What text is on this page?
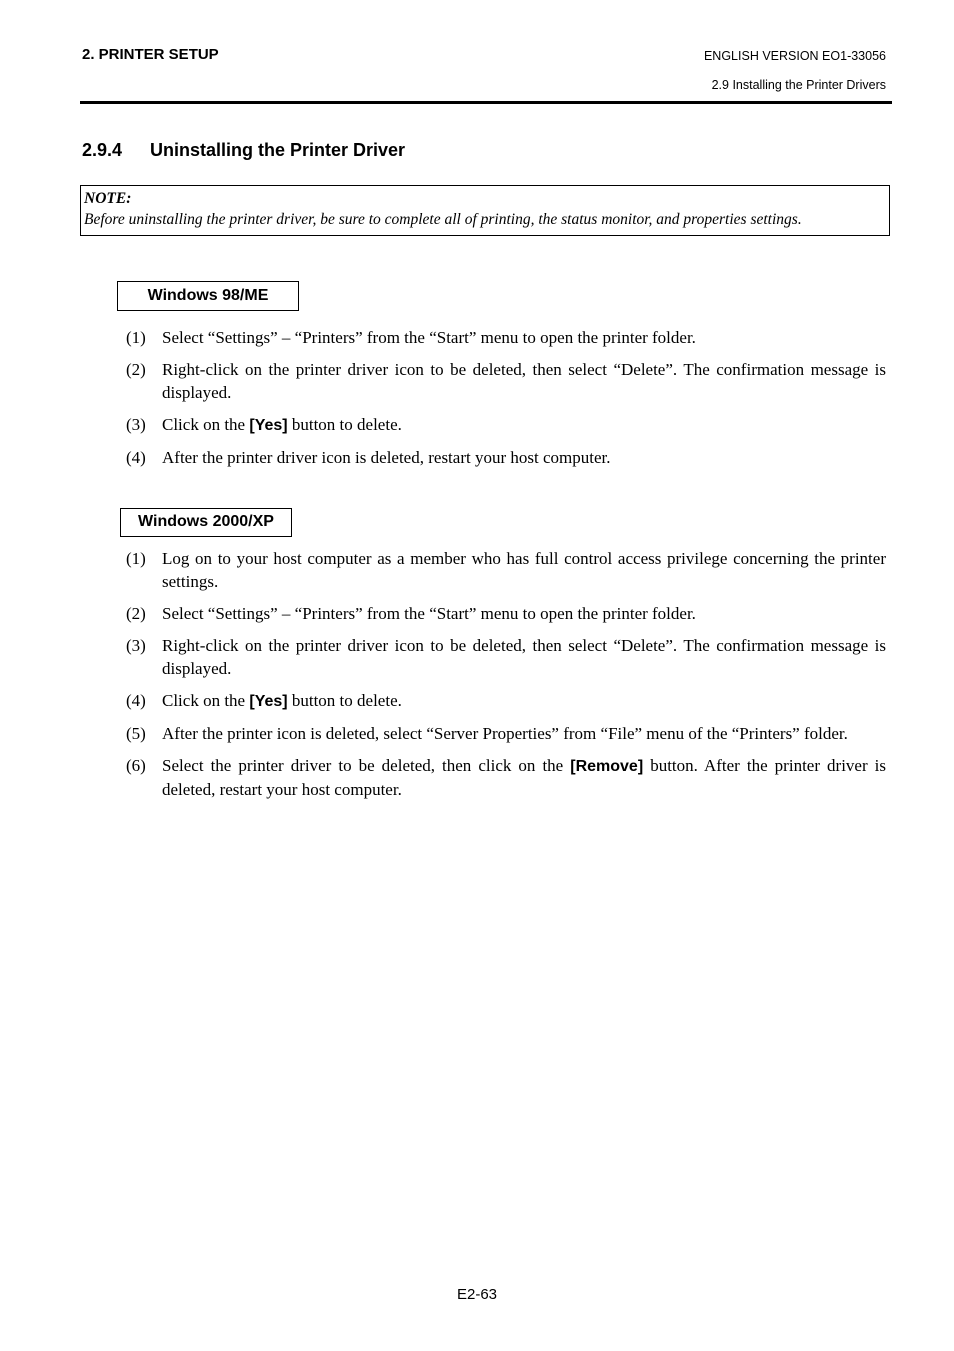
2. PRINTER SETUP	ENGLISH VERSION EO1-33056
2.9 Installing the Printer Drivers
2.9.4 Uninstalling the Printer Driver
NOTE:
Before uninstalling the printer driver, be sure to complete all of printing, the status monitor, and properties settings.
Windows 98/ME
(1) Select “Settings” – “Printers” from the “Start” menu to open the printer folder.
(2) Right-click on the printer driver icon to be deleted, then select “Delete”. The confirmation message is displayed.
(3) Click on the [Yes] button to delete.
(4) After the printer driver icon is deleted, restart your host computer.
Windows 2000/XP
(1) Log on to your host computer as a member who has full control access privilege concerning the printer settings.
(2) Select “Settings” – “Printers” from the “Start” menu to open the printer folder.
(3) Right-click on the printer driver icon to be deleted, then select “Delete”. The confirmation message is displayed.
(4) Click on the [Yes] button to delete.
(5) After the printer icon is deleted, select “Server Properties” from “File” menu of the “Printers” folder.
(6) Select the printer driver to be deleted, then click on the [Remove] button. After the printer driver is deleted, restart your host computer.
E2-63
